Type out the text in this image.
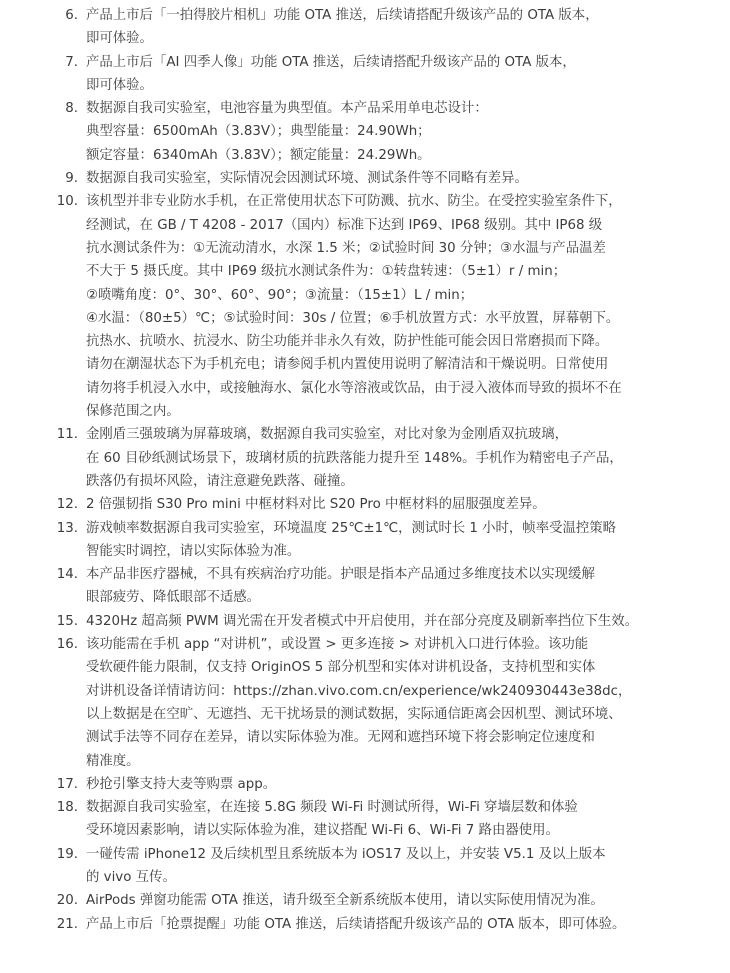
6. 产品上市后「一拍得胶片相机」功能 OTA 推送，后续请搭配升级该产品的 OTA 版本，
即可体验。
7. 产品上市后「AI 四季人像」功能 OTA 推送，后续请搭配升级该产品的 OTA 版本，
即可体验。
8. 数据源自我司实验室，电池容量为典型值。本产品采用单电芯设计：
典型容量：6500mAh（3.83V）；典型能量：24.90Wh；
额定容量：6340mAh（3.83V）；额定能量：24.29Wh。
9. 数据源自我司实验室，实际情况会因测试环境、测试条件等不同略有差异。
10. 该机型并非专业防水手机，在正常使用状态下可防溅、抗水、防尘。在受控实验室条件下，
经测试，在 GB / T 4208 - 2017（国内）标准下达到 IP69、IP68 级别。其中 IP68 级
抗水测试条件为：①无流动清水，水深 1.5 米；②试验时间 30 分钟；③水温与产品温差
不大于 5 摄氏度。其中 IP69 级抗水测试条件为：①转盘转速：（5±1）r / min；
②喷嘴角度：0°、30°、60°、90°；③流量：（15±1）L / min；
④水温：（80±5）℃；⑤试验时间：30s / 位置；⑥手机放置方式：水平放置，屏幕朝下。
抗热水、抗喷水、抗浸水、防尘功能并非永久有效，防护性能可能会因日常磨损而下降。
请勿在潮湿状态下为手机充电；请参阅手机内置使用说明了解清洁和干燥说明。日常使用
请勿将手机浸入水中，或接触海水、氯化水等溶液或饮品，由于浸入液体而导致的损坏不在
保修范围之内。
11. 金刚盾三强玻璃为屏幕玻璃，数据源自我司实验室，对比对象为金刚盾双抗玻璃，
在 60 目砂纸测试场景下，玻璃材质的抗跌落能力提升至 148%。手机作为精密电子产品，
跌落仍有损坏风险，请注意避免跌落、碰撞。
12. 2 倍强韧指 S30 Pro mini 中框材料对比 S20 Pro 中框材料的屈服强度差异。
13. 游戏帧率数据源自我司实验室，环境温度 25℃±1℃，测试时长 1 小时，帧率受温控策略
智能实时调控，请以实际体验为准。
14. 本产品非医疗器械，不具有疾病治疗功能。护眼是指本产品通过多维度技术以实现缓解
眼部疲劳、降低眼部不适感。
15. 4320Hz 超高频 PWM 调光需在开发者模式中开启使用，并在部分亮度及刷新率挡位下生效。
16. 该功能需在手机 app “对讲机”，或设置 > 更多连接 > 对讲机入口进行体验。该功能
受软硬件能力限制，仅支持 OriginOS 5 部分机型和实体对讲机设备，支持机型和实体
对讲机设备详情请访问：https://zhan.vivo.com.cn/experience/wk240930443e38dc，
以上数据是在空旷、无遮挡、无干扰场景的测试数据，实际通信距离会因机型、测试环境、
测试手法等不同存在差异，请以实际体验为准。无网和遮挡环境下将会影响定位速度和
精准度。
17. 秒抢引擎支持大麦等购票 app。
18. 数据源自我司实验室，在连接 5.8G 频段 Wi-Fi 时测试所得，Wi-Fi 穿墙层数和体验
受环境因素影响，请以实际体验为准，建议搭配 Wi-Fi 6、Wi-Fi 7 路由器使用。
19. 一碰传需 iPhone12 及后续机型且系统版本为 iOS17 及以上，并安装 V5.1 及以上版本
的 vivo 互传。
20. AirPods 弹窗功能需 OTA 推送，请升级至全新系统版本使用，请以实际使用情况为准。
21. 产品上市后「抢票提醒」功能 OTA 推送，后续请搭配升级该产品的 OTA 版本，即可体验。
